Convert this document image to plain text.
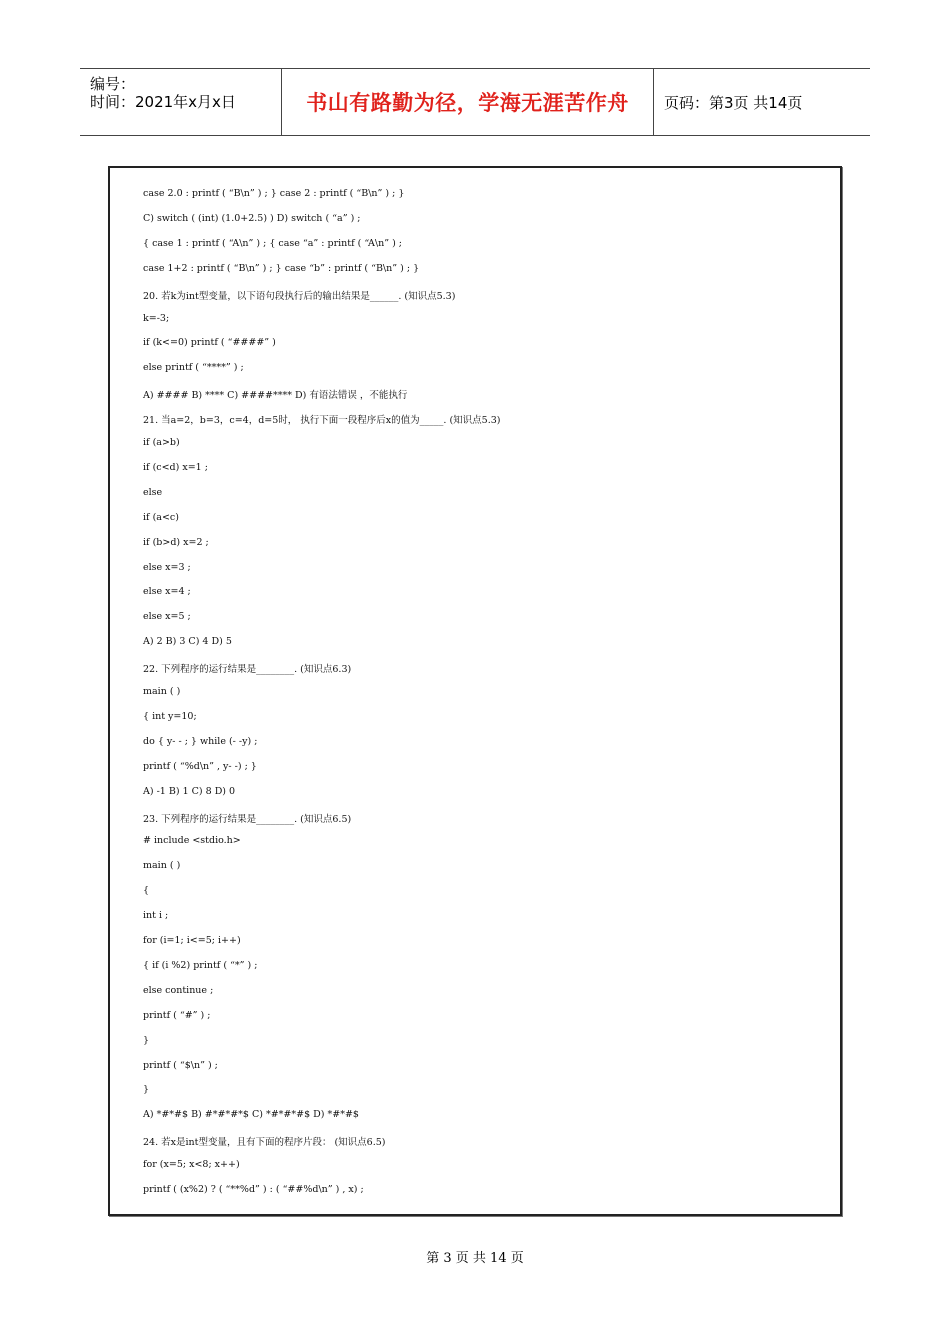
编号：
时间：2021年x月x日	书山有路勤为径，学海无涯苦作舟 页码：第3页 共14页
case 2.0 : printf ( “B\n” ) ; } case 2 : printf ( “B\n” ) ; }
C) switch ( (int) (1.0+2.5) ) D) switch ( “a” ) ;
{ case 1 : printf ( “A\n” ) ; { case “a” : printf ( “A\n” ) ;
case 1+2 : printf ( “B\n” ) ; } case “b” : printf ( “B\n” ) ; }
20. 若k为int型变量，以下语句段执行后的输出结果是______. (知识点5.3)
k=-3;
if (k<=0) printf ( “####” )
else printf ( “****” ) ;
A) #### B) **** C) ####**** D) 有语法错误 ，不能执行
21. 当a=2，b=3，c=4，d=5时， 执行下面一段程序后x的值为_____. (知识点5.3)
if (a>b)
if (c<d) x=1 ;
else
if (a<c)
if (b>d) x=2 ;
else x=3 ;
else x=4 ;
else x=5 ;
A) 2 B) 3 C) 4 D) 5
22. 下列程序的运行结果是________. (知识点6.3)
main ( )
{ int y=10;
do { y- - ; } while (- -y) ;
printf ( “%d\n” , y- -) ; }
A) -1 B) 1 C) 8 D) 0
23. 下列程序的运行结果是________. (知识点6.5)
# include <stdio.h>
main ( )
{
int i ;
for (i=1; i<=5; i++)
{ if (i %2) printf ( “*” ) ;
else continue ;
printf ( “#” ) ;
}
printf ( “$\n” ) ;
}
A) *#*#$ B) #*#*#*$ C) *#*#*#$ D) *#*#$
24. 若x是int型变量，且有下面的程序片段： (知识点6.5)
for (x=5; x<8; x++)
printf ( (x%2) ? ( “**%d” ) : ( “##%d\n” ) , x) ;
第 3 页 共 14 页
